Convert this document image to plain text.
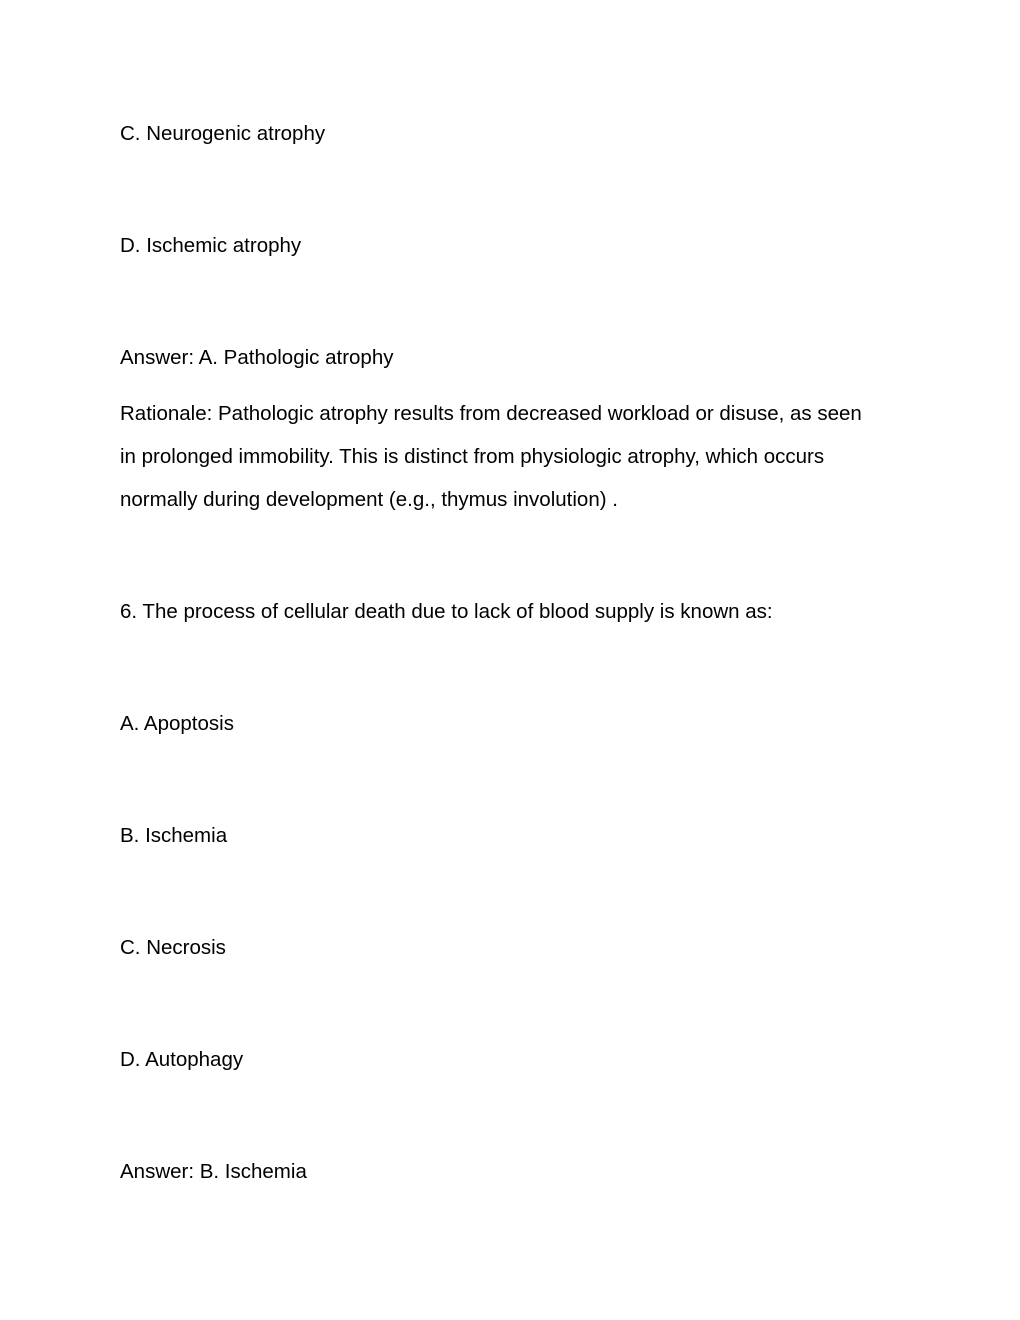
C. Neurogenic atrophy
D. Ischemic atrophy
Answer: A. Pathologic atrophy
Rationale: Pathologic atrophy results from decreased workload or disuse, as seen
in prolonged immobility. This is distinct from physiologic atrophy, which occurs
normally during development (e.g., thymus involution) .
6. The process of cellular death due to lack of blood supply is known as:
A. Apoptosis
B. Ischemia
C. Necrosis
D. Autophagy
Answer: B. Ischemia
